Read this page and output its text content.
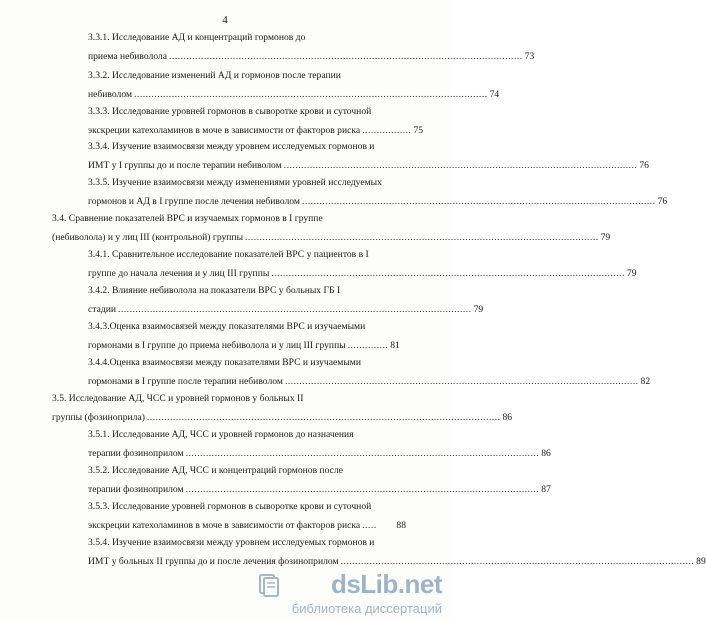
4
3.3.1. Исследование АД и концентраций гормонов до
приема небиволола .......................................................................................................................... 73
3.3.2. Исследование изменений АД и гормонов после терапии
небиволом .......................................................................................................................... 74
3.3.3. Исследование уровней гормонов в сыворотке крови и суточной
экскреции катехоламинов в моче в зависимости от факторов риска ................. 75
3.3.4. Изучение взаимосвязи между уровнем исследуемых гормонов и
ИМТ у I группы до и после терапии небиволом .......................................................................................................................... 76
3.3.5. Изучение взаимосвязи между изменениями уровней исследуемых
гормонов и АД в I группе после лечения небиволом .......................................................................................................................... 76
3.4. Сравнение показателей ВРС и изучаемых гормонов в I группе
(небиволола) и у лиц III (контрольной) группы .......................................................................................................................... 79
3.4.1. Сравнительное исследование показателей ВРС у пациентов в I
группе до начала лечения и у лиц III группы .......................................................................................................................... 79
3.4.2. Влияние небиволола на показатели ВРС у больных ГБ I
стадии .......................................................................................................................... 79
3.4.3.Оценка взаимосвязей между показателями ВРС и изучаемыми
гормонами в I группе до приема небиволола и у лиц III группы .............. 81
3.4.4.Оценка взаимосвязи между показателями ВРС и изучаемыми
гормонами в I группе после терапии небиволом .......................................................................................................................... 82
3.5. Исследование АД, ЧСС и уровней гормонов у больных II
группы (фозиноприла) .......................................................................................................................... 86
3.5.1. Исследование АД, ЧСС и уровней гормонов до назначения
терапии фозиноприлом .......................................................................................................................... 86
3.5.2. Исследование АД, ЧСС и концентраций гормонов после
терапии фозиноприлом .......................................................................................................................... 87
3.5.3. Исследование уровней гормонов в сыворотке крови и суточной
экскреции катехоламинов в моче в зависимости от факторов риска .....	88
3.5.4. Изучение взаимосвязи между уровнем исследуемых гормонов и
ИМТ у больных II группы до и после лечения фозиноприлом .......................................................................................................................... 89
dsLib.net
библиотека диссертаций
